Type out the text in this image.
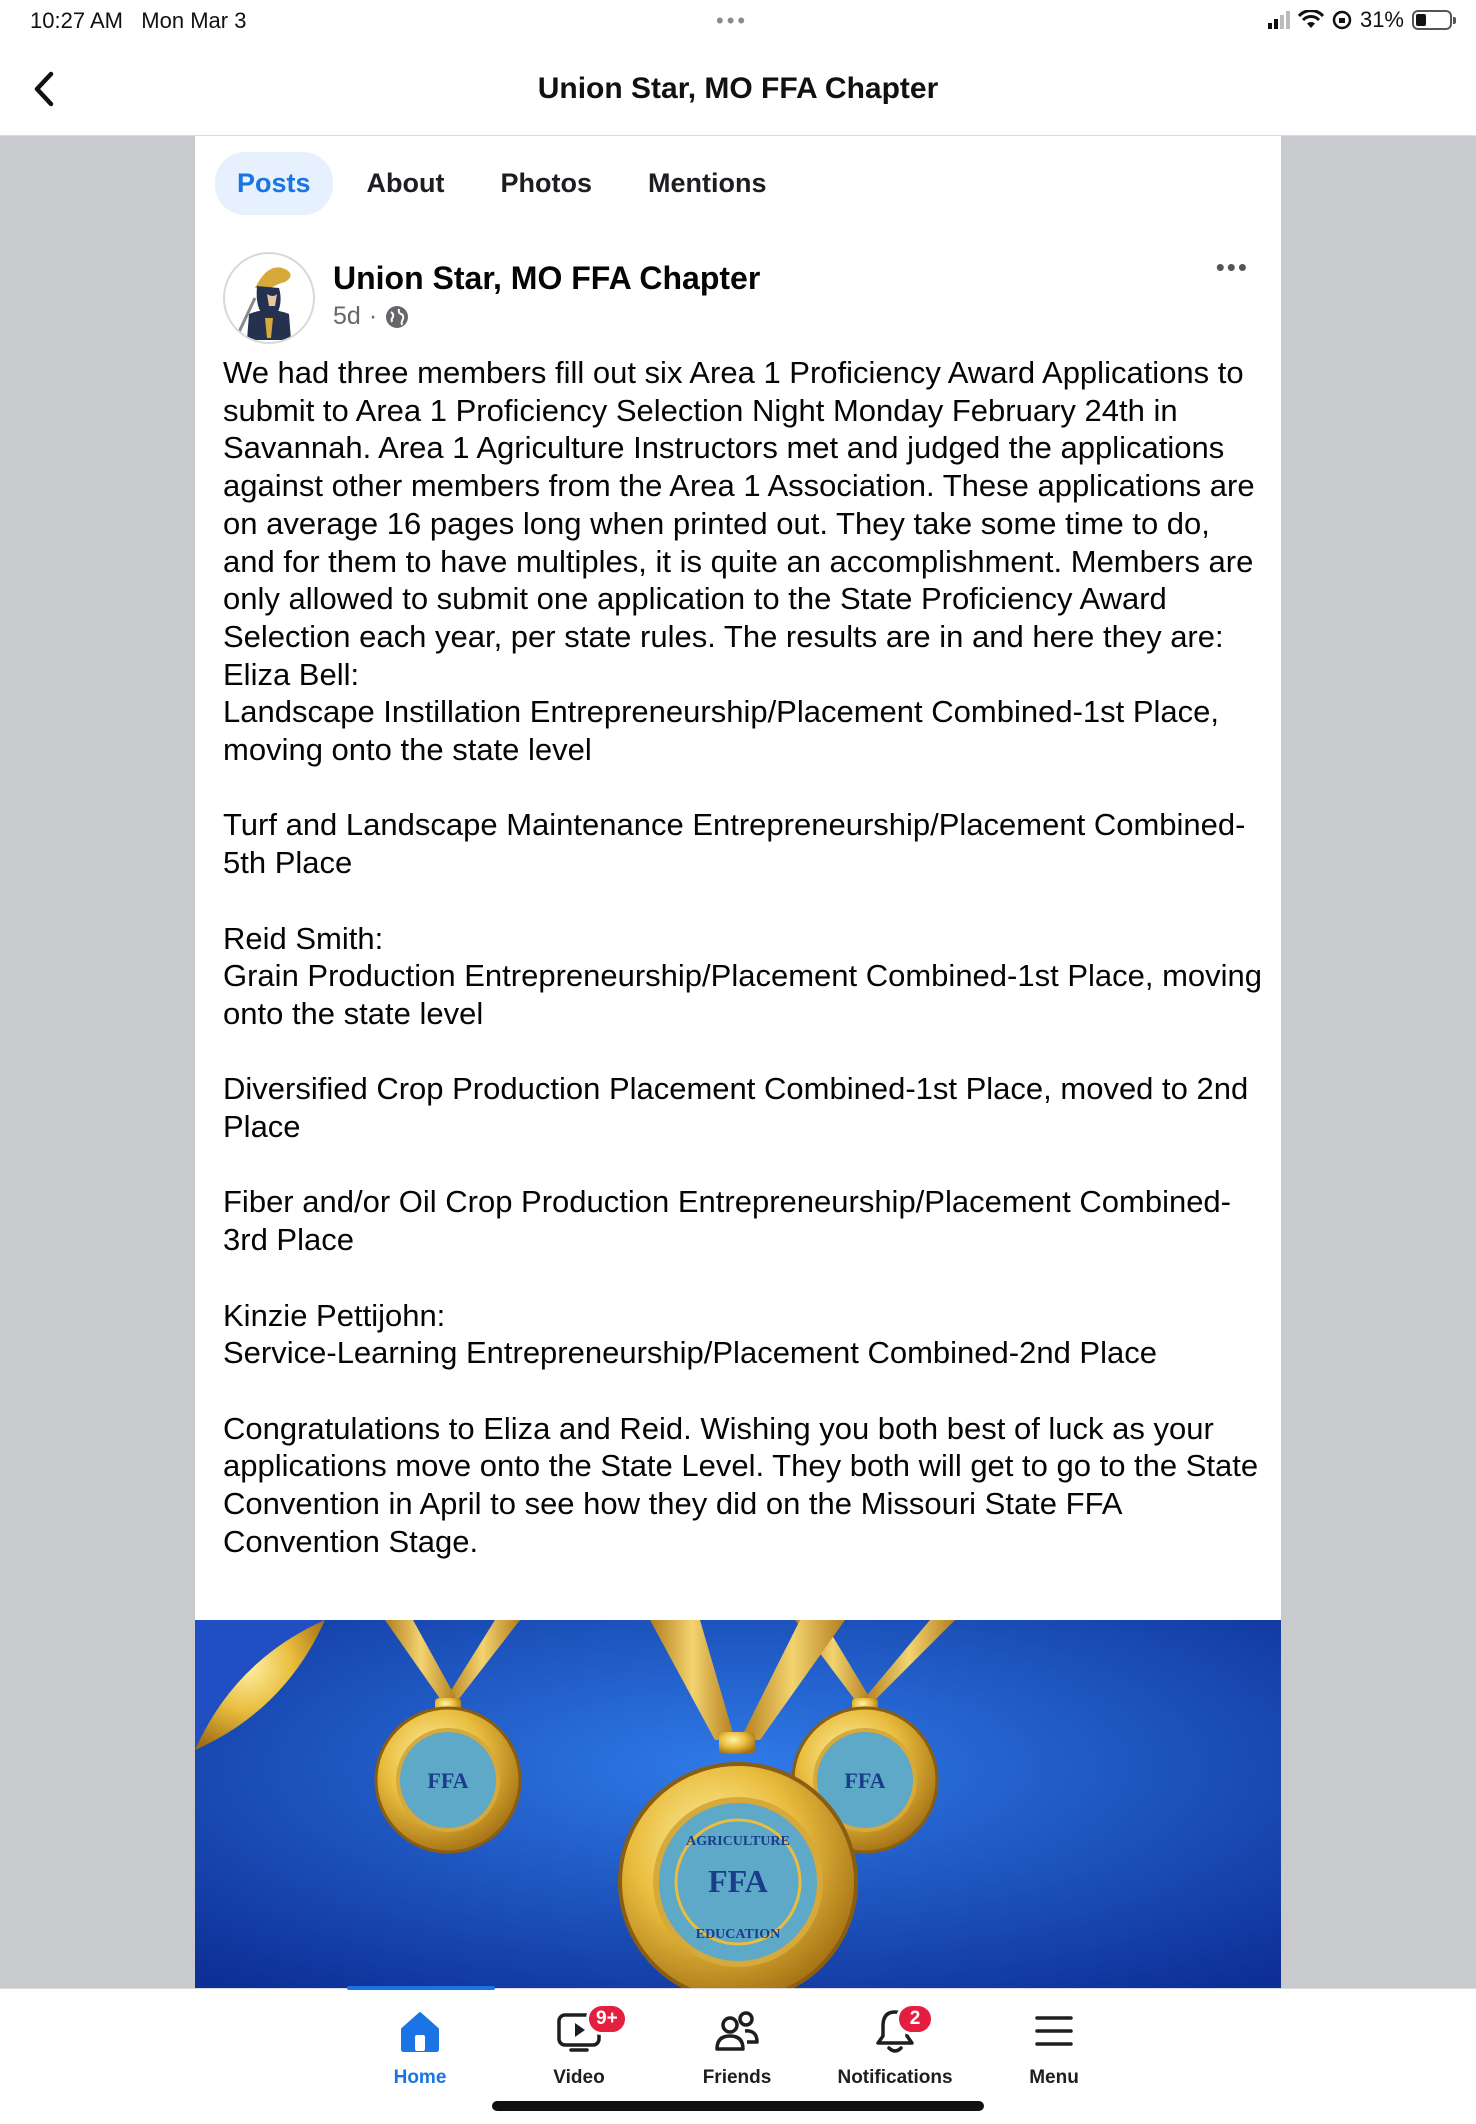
10:27 AM Mon Mar 3	•••	31%
Union Star, MO FFA Chapter
Posts	About	Photos	Mentions
Union Star, MO FFA Chapter
5d ·
•••

We had three members fill out six Area 1 Proficiency Award Applications to submit to Area 1 Proficiency Selection Night Monday February 24th in Savannah. Area 1 Agriculture Instructors met and judged the applications against other members from the Area 1 Association. These applications are on average 16 pages long when printed out. They take some time to do, and for them to have multiples, it is quite an accomplishment. Members are only allowed to submit one application to the State Proficiency Award Selection each year, per state rules. The results are in and here they are:

Eliza Bell:

Landscape Instillation Entrepreneurship/Placement Combined-1st Place, moving onto the state level

Turf and Landscape Maintenance Entrepreneurship/Placement Combined-5th Place

Reid Smith:

Grain Production Entrepreneurship/Placement Combined-1st Place, moving onto the state level

Diversified Crop Production Placement Combined-1st Place, moved to 2nd Place

Fiber and/or Oil Crop Production Entrepreneurship/Placement Combined-3rd Place

Kinzie Pettijohn:

Service-Learning Entrepreneurship/Placement Combined-2nd Place

Congratulations to Eliza and Reid. Wishing you both best of luck as your applications move onto the State Level. They both will get to go to the State Convention in April to see how they did on the Missouri State FFA Convention Stage.

FFA	FFA
AGRICULTURE
FFA
EDUCATION
Home
9+
Video	Friends
2
Notifications	Menu
